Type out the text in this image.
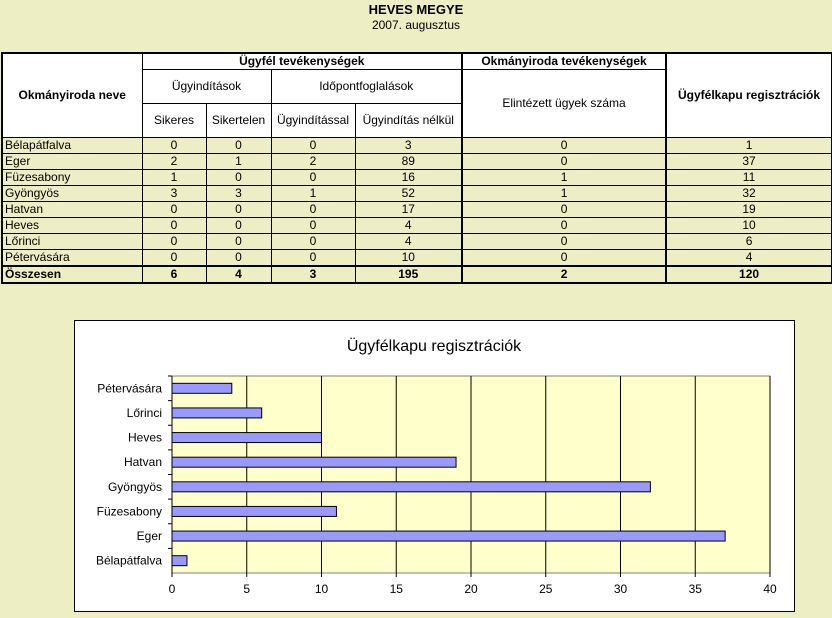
HEVES MEGYE
2007. augusztus
Okmányiroda neve	Ügyfél tevékenységek				Okmányiroda tevékenységek	Ügyfélkapu regisztrációk
	Ügyindítások		Időpontfoglalások		Elintézett ügyek száma	
	Sikeres	Sikertelen	Ügyindítással	Ügyindítás nélkül		
Bélapátfalva	0	0	0	3	0	1
Eger	2	1	2	89	0	37
Füzesabony	1	0	0	16	1	11
Gyöngyös	3	3	1	52	1	32
Hatvan	0	0	0	17	0	19
Heves	0	0	0	4	0	10
Lőrinci	0	0	0	4	0	6
Pétervására	0	0	0	10	0	4
Összesen	6	4	3	195	2	120
Ügyfélkapu regisztrációk
0	5	10	15	20	25	30	35	40
Bélapátfalva
Eger
Füzesabony
Gyöngyös
Hatvan
Heves
Lőrinci
Pétervására
